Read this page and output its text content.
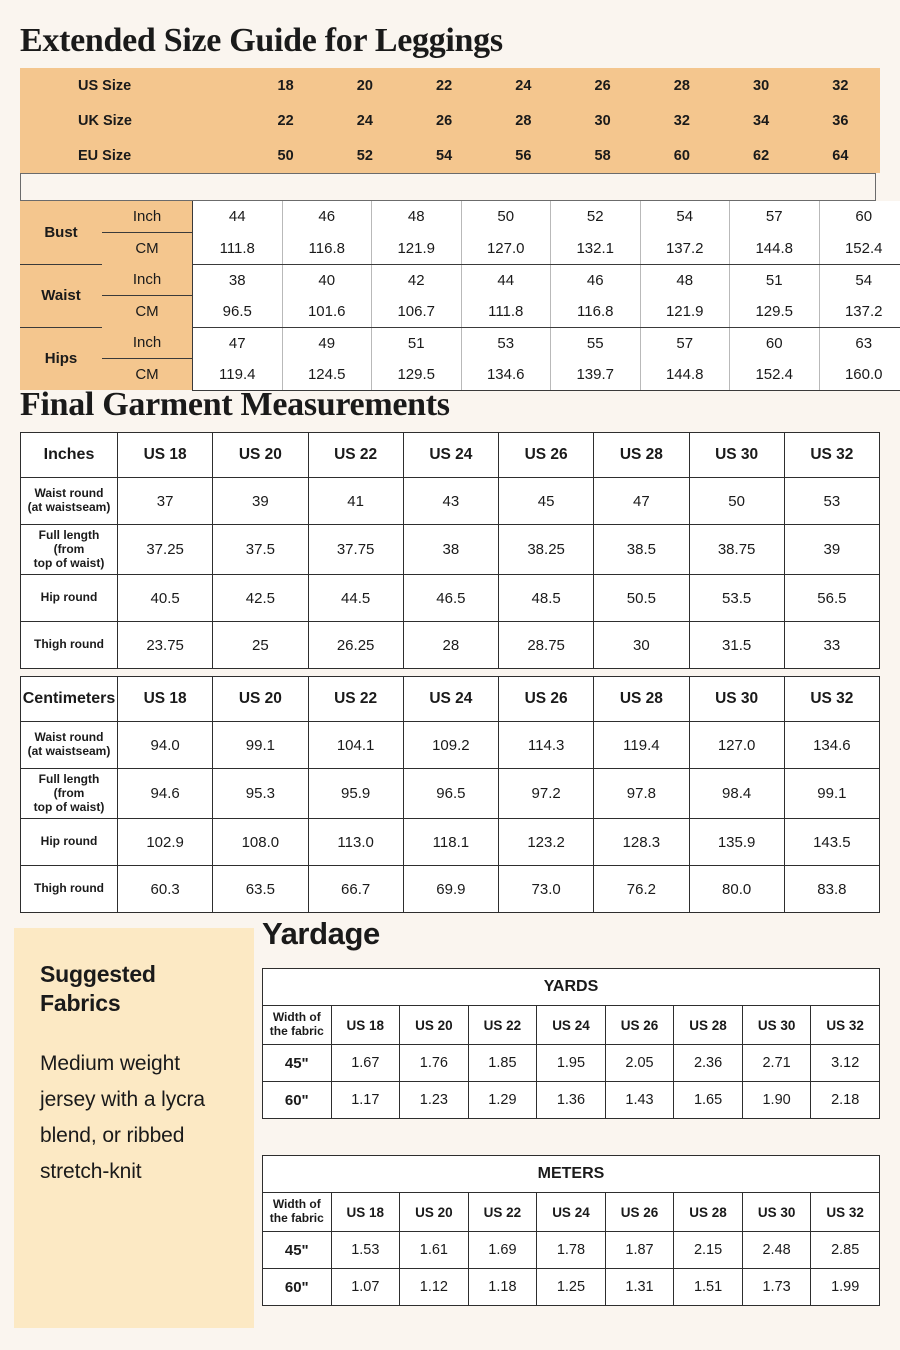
Extended Size Guide for Leggings
US Size	18	20	22	24	26	28	30	32
UK Size	22	24	26	28	30	32	34	36
EU Size	50	52	54	56	58	60	62	64
Bust	Inch	44	46	48	50	52	54	57	60
	CM	111.8	116.8	121.9	127.0	132.1	137.2	144.8	152.4
Waist	Inch	38	40	42	44	46	48	51	54
	CM	96.5	101.6	106.7	111.8	116.8	121.9	129.5	137.2
Hips	Inch	47	49	51	53	55	57	60	63
	CM	119.4	124.5	129.5	134.6	139.7	144.8	152.4	160.0
Final Garment Measurements
Inches	US 18	US 20	US 22	US 24	US 26	US 28	US 30	US 32
Waist round
(at waistseam)	37	39	41	43	45	47	50	53
Full length (from
top of waist)	37.25	37.5	37.75	38	38.25	38.5	38.75	39
Hip round	40.5	42.5	44.5	46.5	48.5	50.5	53.5	56.5
Thigh round	23.75	25	26.25	28	28.75	30	31.5	33
Centimeters	US 18	US 20	US 22	US 24	US 26	US 28	US 30	US 32
Waist round
(at waistseam)	94.0	99.1	104.1	109.2	114.3	119.4	127.0	134.6
Full length (from
top of waist)	94.6	95.3	95.9	96.5	97.2	97.8	98.4	99.1
Hip round	102.9	108.0	113.0	118.1	123.2	128.3	135.9	143.5
Thigh round	60.3	63.5	66.7	69.9	73.0	76.2	80.0	83.8
Suggested
Fabrics
Medium weight jersey with a lycra blend, or ribbed stretch-knit
Yardage
YARDS								
Width of
the fabric	US 18	US 20	US 22	US 24	US 26	US 28	US 30	US 32
45"	1.67	1.76	1.85	1.95	2.05	2.36	2.71	3.12
60"	1.17	1.23	1.29	1.36	1.43	1.65	1.90	2.18
METERS								
Width of
the fabric	US 18	US 20	US 22	US 24	US 26	US 28	US 30	US 32
45"	1.53	1.61	1.69	1.78	1.87	2.15	2.48	2.85
60"	1.07	1.12	1.18	1.25	1.31	1.51	1.73	1.99
